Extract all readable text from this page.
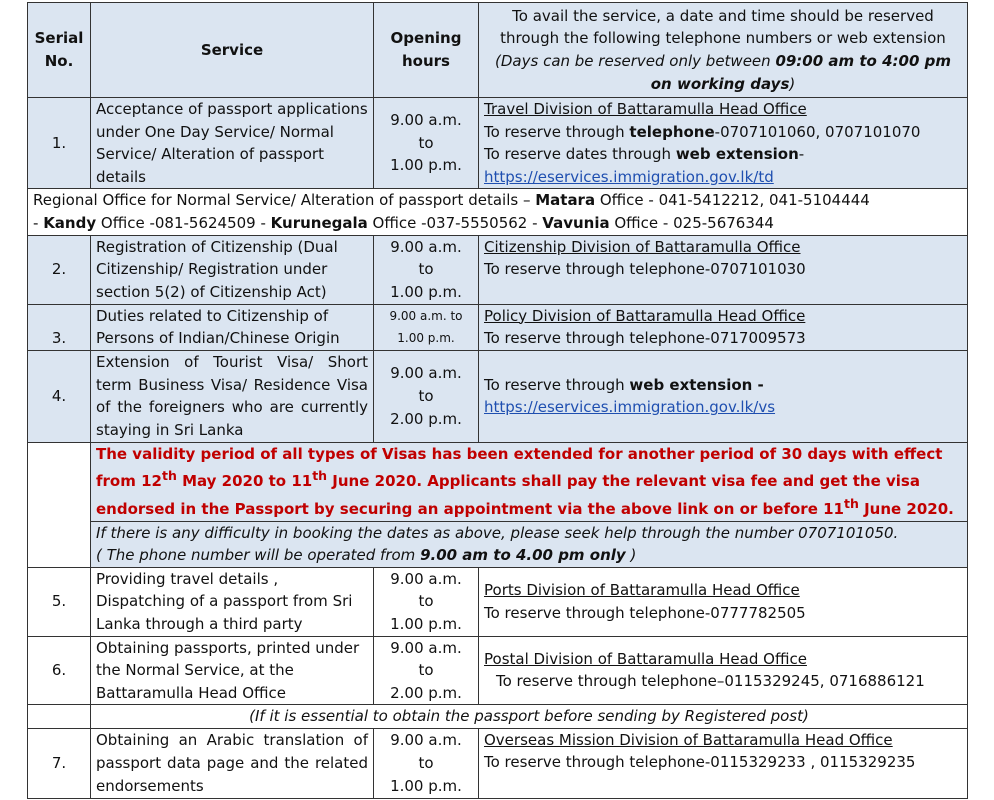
Serial No.	Service	Opening hours	To avail the service, a date and time should be reserved through the following telephone numbers or web extension
(Days can be reserved only between 09:00 am to 4:00 pm on working days)
1.	Acceptance of passport applications under One Day Service/ Normal Service/ Alteration of passport details	9.00 a.m.
to
1.00 p.m.	Travel Division of Battaramulla Head Office
To reserve through telephone-0707101060, 0707101070
To reserve dates through web extension-
https://eservices.immigration.gov.lk/td
Regional Office for Normal Service/ Alteration of passport details – Matara Office - 041-5412212, 041-5104444
- Kandy Office -081-5624509 - Kurunegala Office -037-5550562 - Vavunia Office - 025-5676344			
2.	Registration of Citizenship (Dual Citizenship/ Registration under section 5(2) of Citizenship Act)	9.00 a.m.
to
1.00 p.m.	Citizenship Division of Battaramulla Office
To reserve through telephone-0707101030
3.	Duties related to Citizenship of Persons of Indian/Chinese Origin	9.00 a.m. to
1.00 p.m.	Policy Division of Battaramulla Head Office
To reserve through telephone-0717009573
4.	Extension of Tourist Visa/ Short term Business Visa/ Residence Visa of the foreigners who are currently staying in Sri Lanka	9.00 a.m.
to
2.00 p.m.	To reserve through web extension -
https://eservices.immigration.gov.lk/vs
	The validity period of all types of Visas has been extended for another period of 30 days with effect from 12th May 2020 to 11th June 2020. Applicants shall pay the relevant visa fee and get the visa endorsed in the Passport by securing an appointment via the above link on or before 11th June 2020.		
	If there is any difficulty in booking the dates as above, please seek help through the number 0707101050.
( The phone number will be operated from 9.00 am to 4.00 pm only )		
5.	Providing travel details , Dispatching of a passport from Sri Lanka through a third party	9.00 a.m.
to
1.00 p.m.	Ports Division of Battaramulla Head Office
To reserve through telephone-0777782505
6.	Obtaining passports, printed under the Normal Service, at the Battaramulla Head Office	9.00 a.m.
to
2.00 p.m.	Postal Division of Battaramulla Head Office
To reserve through telephone–0115329245, 0716886121
	(If it is essential to obtain the passport before sending by Registered post)		
7.	Obtaining an Arabic translation of passport data page and the related endorsements	9.00 a.m.
to
1.00 p.m.	Overseas Mission Division of Battaramulla Head Office
To reserve through telephone-0115329233 , 0115329235
